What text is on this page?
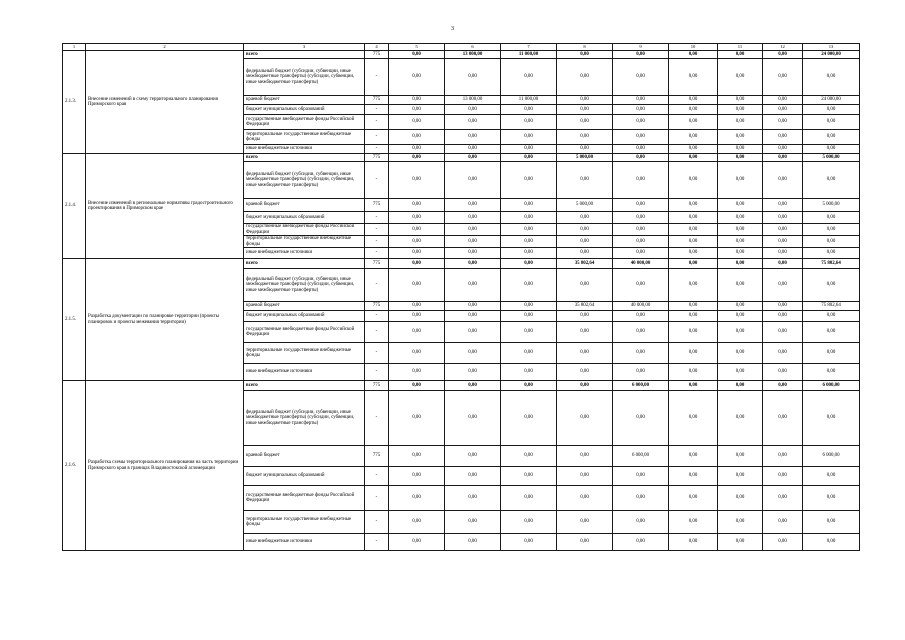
3
1	2	3	4	5	6	7	8	9	10	11	12	13
2.1.3.	Внесение изменений в схему территориального планирования Приморского края	всего	775	0,00	13 000,00	11 000,00	0,00	0,00	0,00	0,00	0,00	24 000,00
		федеральный бюджет (субсидии, субвенции, иные межбюджетные трансферты) (субсидии, субвенции, иные межбюджетные трансферты)	-	0,00	0,00	0,00	0,00	0,00	0,00	0,00	0,00	0,00
		краевой бюджет	775	0,00	13 000,00	11 000,00	0,00	0,00	0,00	0,00	0,00	24 000,00
		бюджет муниципальных образований	-	0,00	0,00	0,00	0,00	0,00	0,00	0,00	0,00	0,00
		государственные внебюджетные фонды Российской Федерации	-	0,00	0,00	0,00	0,00	0,00	0,00	0,00	0,00	0,00
		территориальные государственные внебюджетные фонды	-	0,00	0,00	0,00	0,00	0,00	0,00	0,00	0,00	0,00
		иные внебюджетные источники	-	0,00	0,00	0,00	0,00	0,00	0,00	0,00	0,00	0,00
2.1.4.	Внесение изменений в региональные нормативы градостроительного проектирования в Приморском крае	всего	775	0,00	0,00	0,00	5 000,00	0,00	0,00	0,00	0,00	5 000,00
		федеральный бюджет (субсидии, субвенции, иные межбюджетные трансферты) (субсидии, субвенции, иные межбюджетные трансферты)	-	0,00	0,00	0,00	0,00	0,00	0,00	0,00	0,00	0,00
		краевой бюджет	775	0,00	0,00	0,00	5 000,00	0,00	0,00	0,00	0,00	5 000,00
		бюджет муниципальных образований	-	0,00	0,00	0,00	0,00	0,00	0,00	0,00	0,00	0,00
		государственные внебюджетные фонды Российской Федерации	-	0,00	0,00	0,00	0,00	0,00	0,00	0,00	0,00	0,00
		территориальные государственные внебюджетные фонды	-	0,00	0,00	0,00	0,00	0,00	0,00	0,00	0,00	0,00
		иные внебюджетные источники	-	0,00	0,00	0,00	0,00	0,00	0,00	0,00	0,00	0,00
2.1.5.	Разработка документации по планировке территории (проекты планировок и проекты межевания территории)	всего	775	0,00	0,00	0,00	35 802,64	40 000,00	0,00	0,00	0,00	75 802,64
		федеральный бюджет (субсидии, субвенции, иные межбюджетные трансферты) (субсидии, субвенции, иные межбюджетные трансферты)	-	0,00	0,00	0,00	0,00	0,00	0,00	0,00	0,00	0,00
		краевой бюджет	775	0,00	0,00	0,00	35 802,64	40 000,00	0,00	0,00	0,00	75 802,64
		бюджет муниципальных образований	-	0,00	0,00	0,00	0,00	0,00	0,00	0,00	0,00	0,00
		государственные внебюджетные фонды Российской Федерации	-	0,00	0,00	0,00	0,00	0,00	0,00	0,00	0,00	0,00
		территориальные государственные внебюджетные фонды	-	0,00	0,00	0,00	0,00	0,00	0,00	0,00	0,00	0,00
		иные внебюджетные источники	-	0,00	0,00	0,00	0,00	0,00	0,00	0,00	0,00	0,00
2.1.6.	Разработка схемы территориального планирования на часть территории Приморского края в границах Владивостокской агломерации	всего	775	0,00	0,00	0,00	0,00	6 000,00	0,00	0,00	0,00	6 000,00
		федеральный бюджет (субсидии, субвенции, иные межбюджетные трансферты) (субсидии, субвенции, иные межбюджетные трансферты)	-	0,00	0,00	0,00	0,00	0,00	0,00	0,00	0,00	0,00
		краевой бюджет	775	0,00	0,00	0,00	0,00	6 000,00	0,00	0,00	0,00	6 000,00
		бюджет муниципальных образований	-	0,00	0,00	0,00	0,00	0,00	0,00	0,00	0,00	0,00
		государственные внебюджетные фонды Российской Федерации	-	0,00	0,00	0,00	0,00	0,00	0,00	0,00	0,00	0,00
		территориальные государственные внебюджетные фонды	-	0,00	0,00	0,00	0,00	0,00	0,00	0,00	0,00	0,00
		иные внебюджетные источники	-	0,00	0,00	0,00	0,00	0,00	0,00	0,00	0,00	0,00
